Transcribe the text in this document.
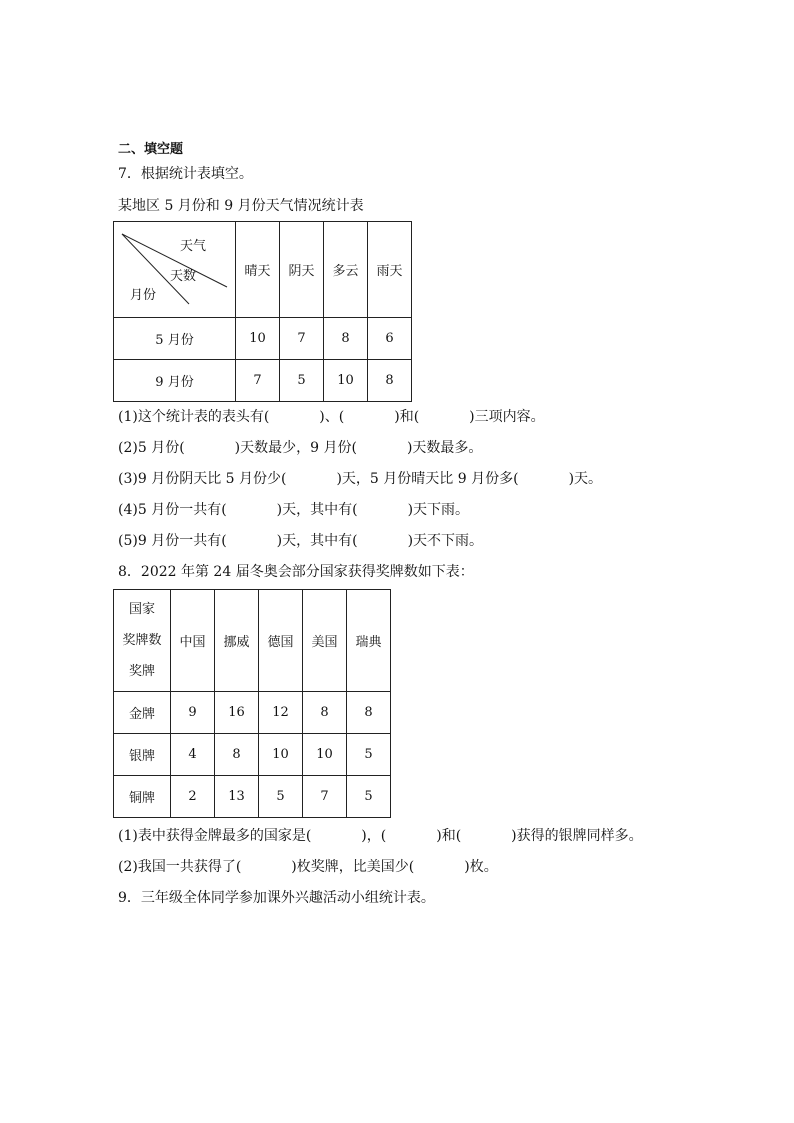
二、填空题
7．根据统计表填空。
某地区 5 月份和 9 月份天气情况统计表
天气
天数
月份	晴天	阴天	多云	雨天
5 月份	10	7	8	6
9 月份	7	5	10	8
(1)这个统计表的表头有(	)、(	)和(	)三项内容。
(2)5 月份(	)天数最少，9 月份(	)天数最多。
(3)9 月份阴天比 5 月份少(	)天，5 月份晴天比 9 月份多(	)天。
(4)5 月份一共有(	)天，其中有(	)天下雨。
(5)9 月份一共有(	)天，其中有(	)天不下雨。
8．2022 年第 24 届冬奥会部分国家获得奖牌数如下表：
国家
奖牌数
奖牌	中国	挪威	德国	美国	瑞典
金牌	9	16	12	8	8
银牌	4	8	10	10	5
铜牌	2	13	5	7	5
(1)表中获得金牌最多的国家是(	)，(	)和(	)获得的银牌同样多。
(2)我国一共获得了(	)枚奖牌，比美国少(	)枚。
9．三年级全体同学参加课外兴趣活动小组统计表。
